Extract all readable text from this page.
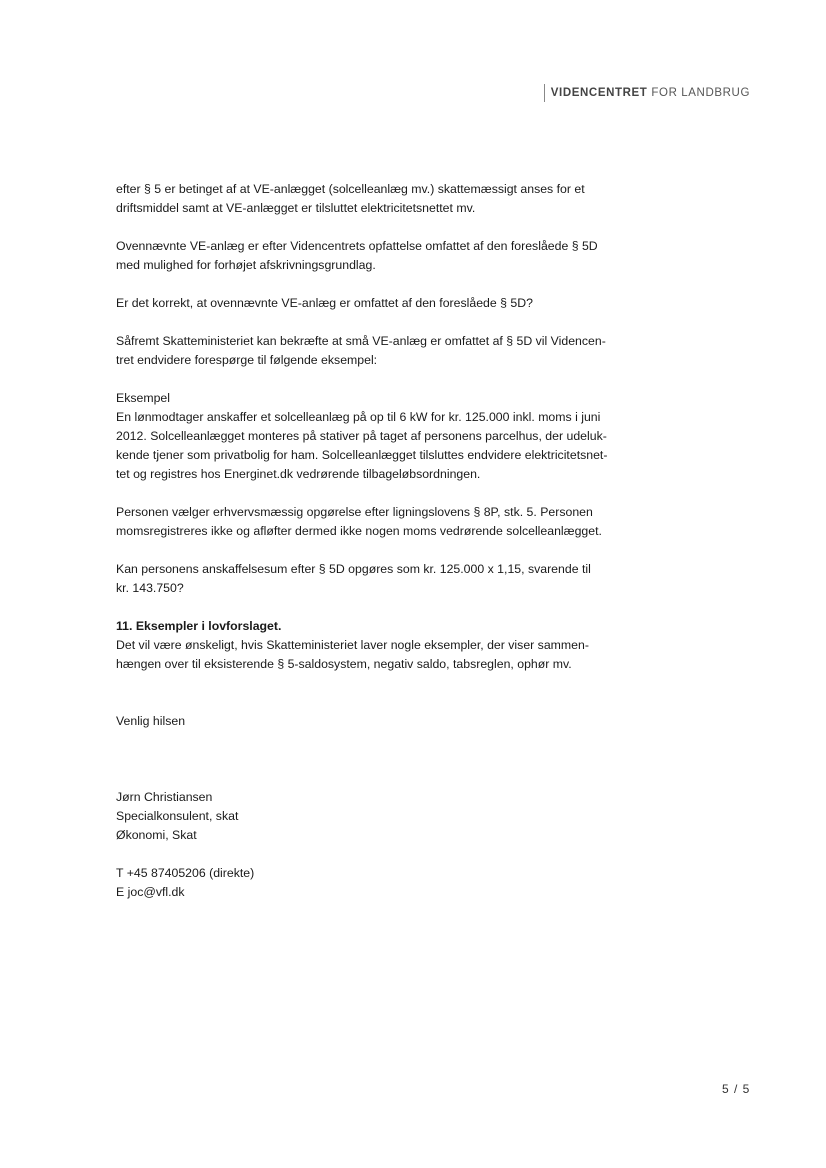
VIDENCENTRET FOR LANDBRUG

efter § 5 er betinget af at VE-anlægget (solcelleanlæg mv.) skattemæssigt anses for et

driftsmiddel samt at VE-anlægget er tilsluttet elektricitetsnettet mv.

Ovennævnte VE-anlæg er efter Videncentrets opfattelse omfattet af den foreslåede § 5D

med mulighed for forhøjet afskrivningsgrundlag.

Er det korrekt, at ovennævnte VE-anlæg er omfattet af den foreslåede § 5D?

Såfremt Skatteministeriet kan bekræfte at små VE-anlæg er omfattet af § 5D vil Videncen-

tret endvidere forespørge til følgende eksempel:

Eksempel

En lønmodtager anskaffer et solcelleanlæg på op til 6 kW for kr. 125.000 inkl. moms i juni

2012. Solcelleanlægget monteres på stativer på taget af personens parcelhus, der udeluk-

kende tjener som privatbolig for ham. Solcelleanlægget tilsluttes endvidere elektricitetsnet-

tet og registres hos Energinet.dk vedrørende tilbageløbsordningen.

Personen vælger erhvervsmæssig opgørelse efter ligningslovens § 8P, stk. 5. Personen

momsregistreres ikke og afløfter dermed ikke nogen moms vedrørende solcelleanlægget.

Kan personens anskaffelsesum efter § 5D opgøres som kr. 125.000 x 1,15, svarende til

kr. 143.750?

11. Eksempler i lovforslaget.

Det vil være ønskeligt, hvis Skatteministeriet laver nogle eksempler, der viser sammen-

hængen over til eksisterende § 5-saldosystem, negativ saldo, tabsreglen, ophør mv.

Venlig hilsen

Jørn Christiansen

Specialkonsulent, skat

Økonomi, Skat

T +45 87405206 (direkte)

E joc@vfl.dk

5 / 5
